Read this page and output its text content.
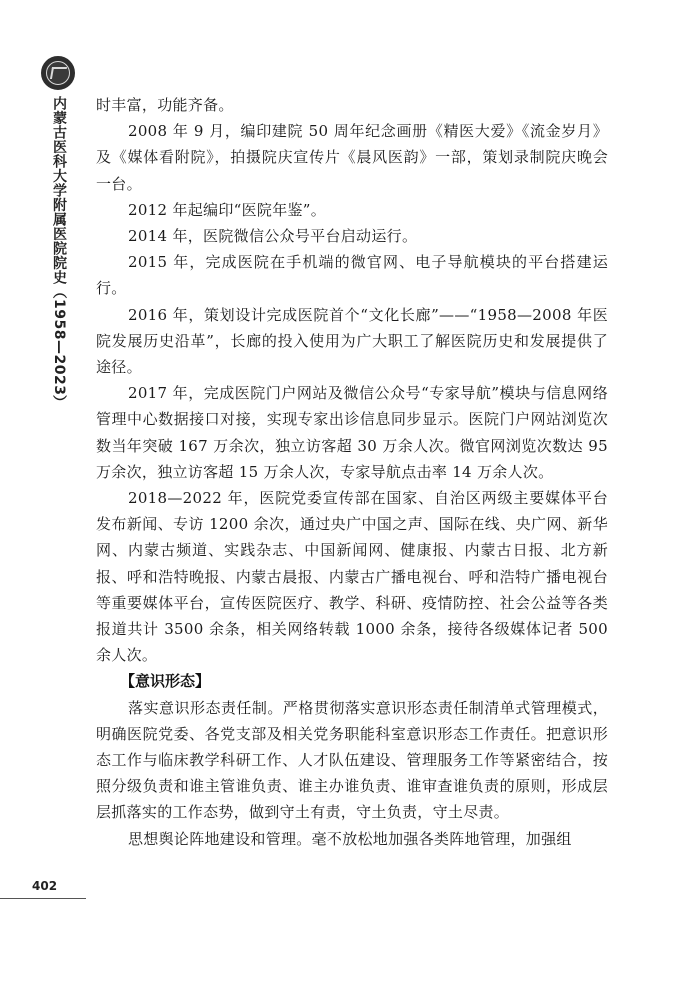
内蒙古医科大学附属医院院史（1958—2023）
402

时丰富，功能齐备。

2008 年 9 月，编印建院 50 周年纪念画册《精医大爱》《流金岁月》及《媒体看附院》，拍摄院庆宣传片《晨风医韵》一部，策划录制院庆晚会一台。

2012 年起编印“医院年鉴”。

2014 年，医院微信公众号平台启动运行。

2015 年，完成医院在手机端的微官网、电子导航模块的平台搭建运行。

2016 年，策划设计完成医院首个“文化长廊”——“1958—2008 年医院发展历史沿革”，长廊的投入使用为广大职工了解医院历史和发展提供了途径。

2017 年，完成医院门户网站及微信公众号“专家导航”模块与信息网络管理中心数据接口对接，实现专家出诊信息同步显示。医院门户网站浏览次数当年突破 167 万余次，独立访客超 30 万余人次。微官网浏览次数达 95 万余次，独立访客超 15 万余人次，专家导航点击率 14 万余人次。

2018—2022 年，医院党委宣传部在国家、自治区两级主要媒体平台发布新闻、专访 1200 余次，通过央广中国之声、国际在线、央广网、新华网、内蒙古频道、实践杂志、中国新闻网、健康报、内蒙古日报、北方新报、呼和浩特晚报、内蒙古晨报、内蒙古广播电视台、呼和浩特广播电视台等重要媒体平台，宣传医院医疗、教学、科研、疫情防控、社会公益等各类报道共计 3500 余条，相关网络转载 1000 余条，接待各级媒体记者 500 余人次。

【意识形态】

落实意识形态责任制。严格贯彻落实意识形态责任制清单式管理模式，明确医院党委、各党支部及相关党务职能科室意识形态工作责任。把意识形态工作与临床教学科研工作、人才队伍建设、管理服务工作等紧密结合，按照分级负责和谁主管谁负责、谁主办谁负责、谁审查谁负责的原则，形成层层抓落实的工作态势，做到守土有责，守土负责，守土尽责。

思想舆论阵地建设和管理。毫不放松地加强各类阵地管理，加强组
